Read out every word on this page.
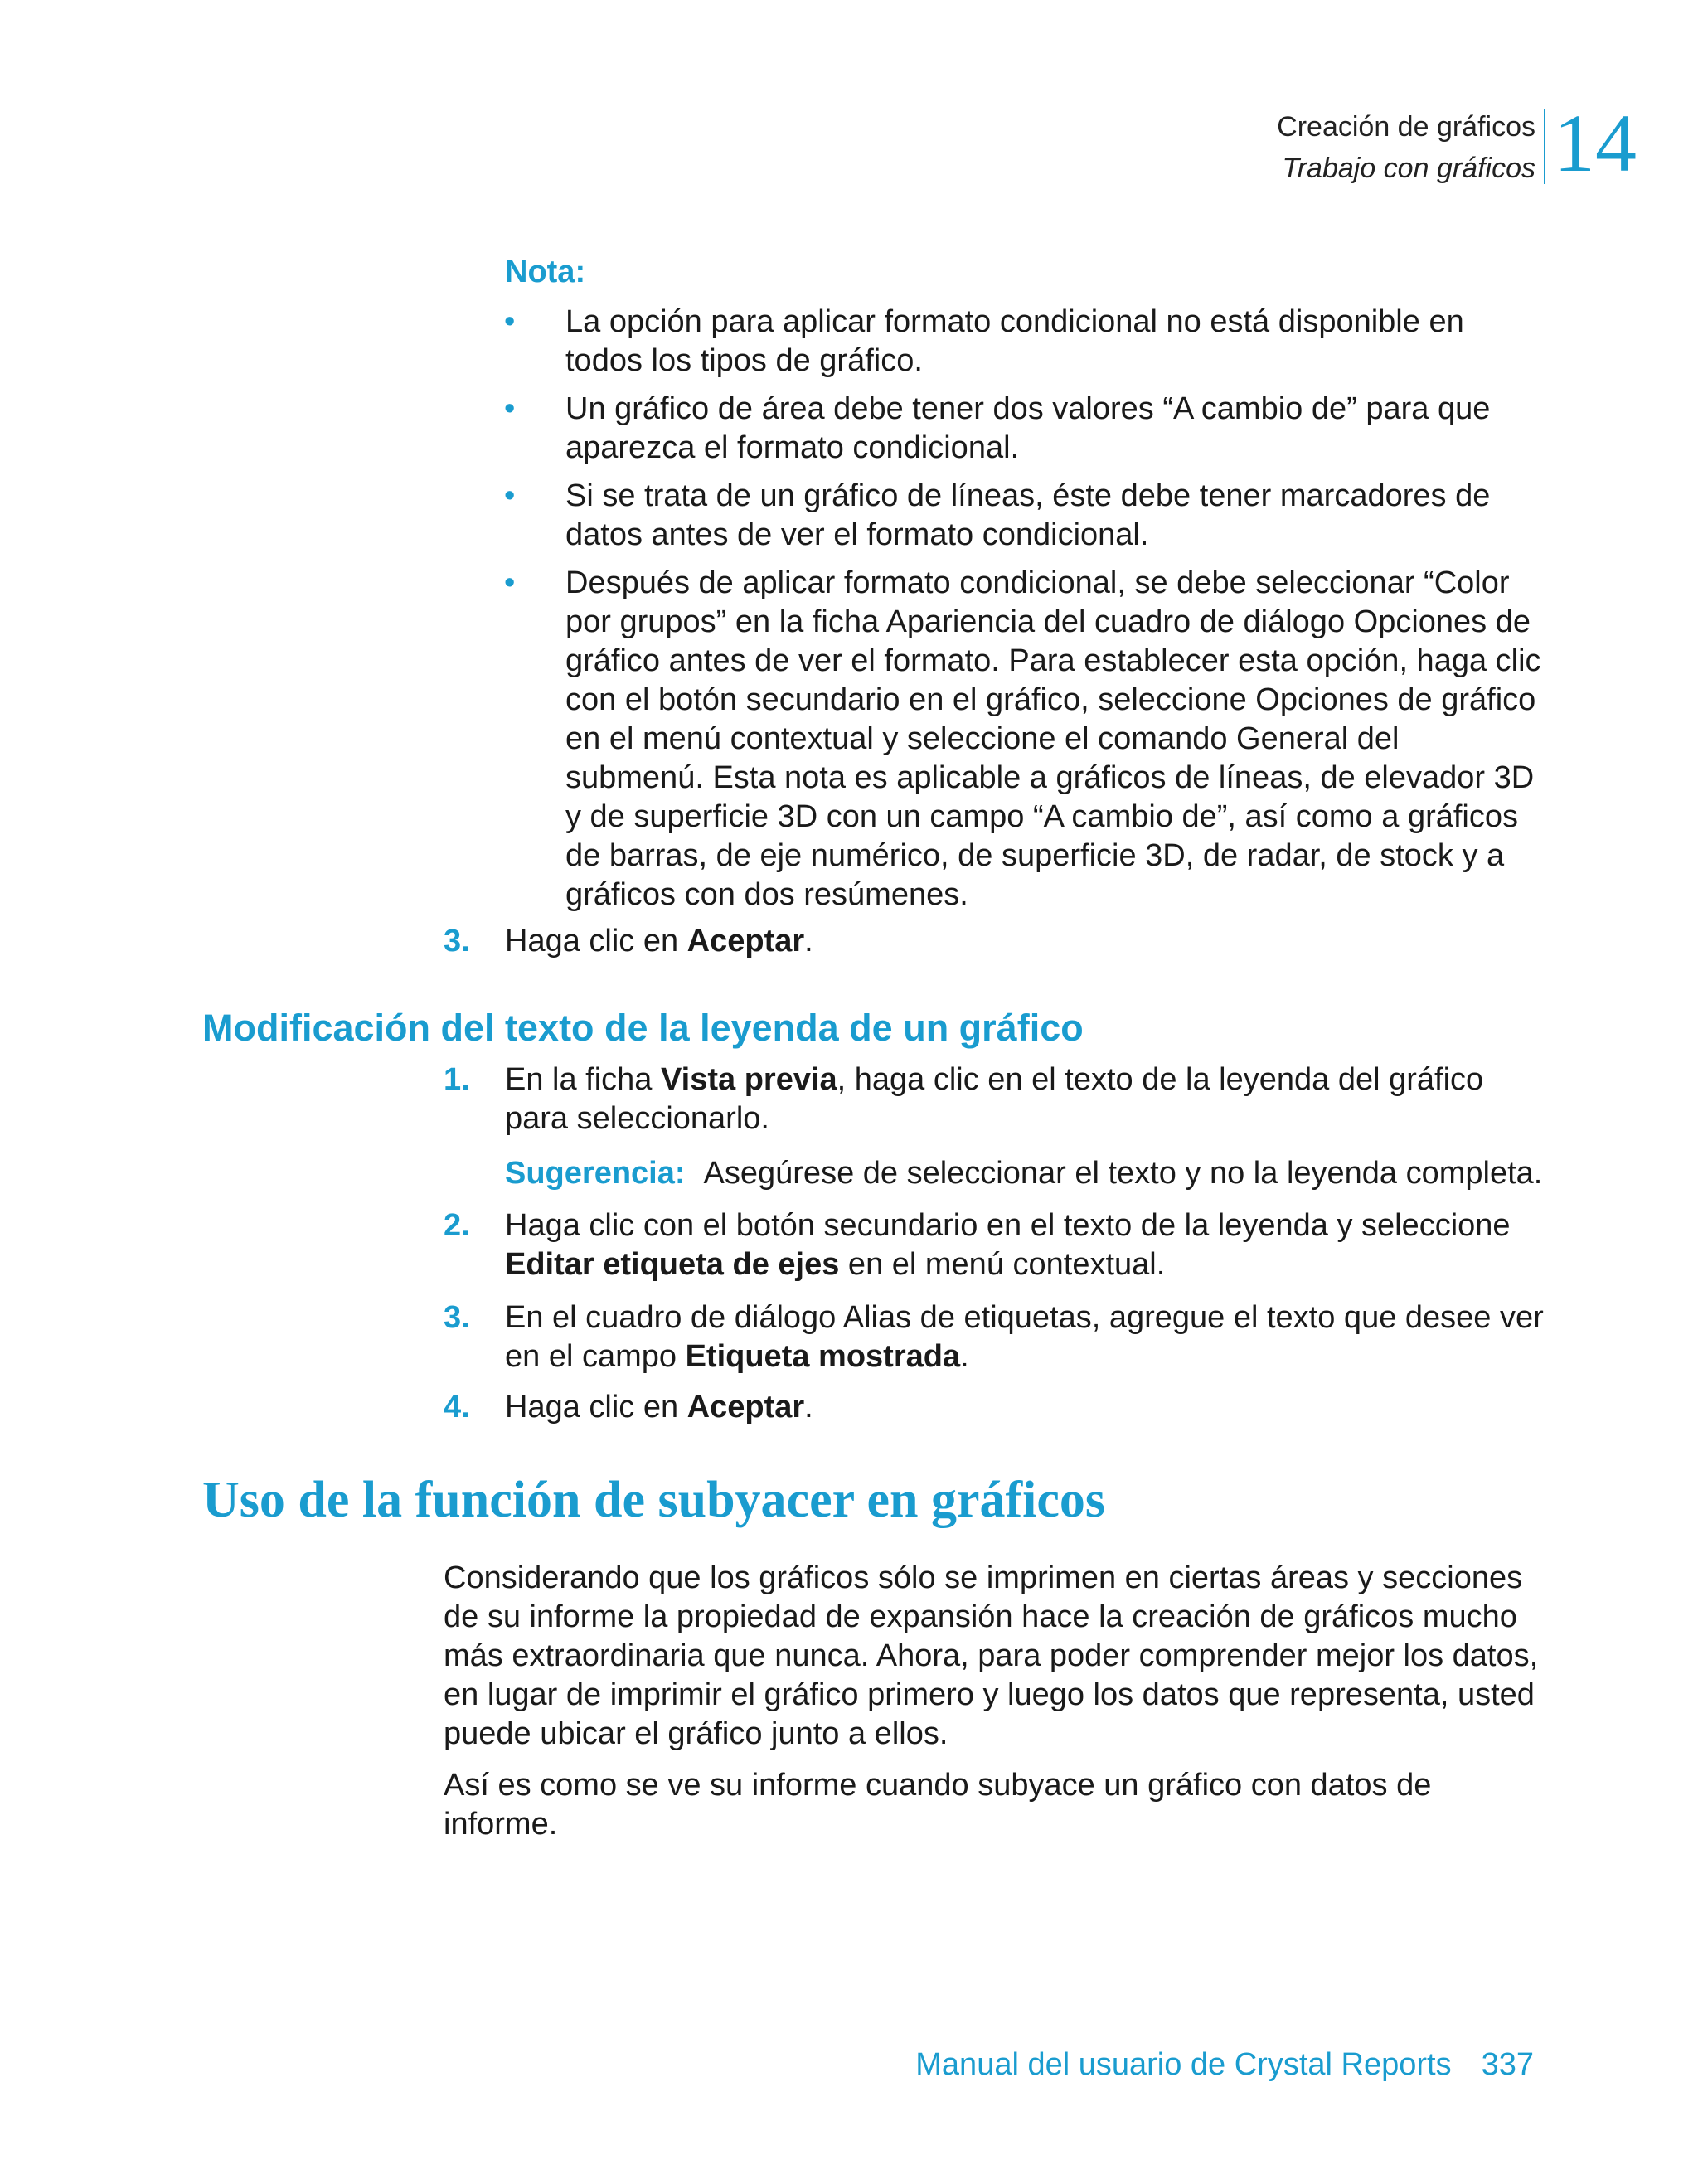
Creación de gráficos
Trabajo con gráficos 14
Nota:
•	La opción para aplicar formato condicional no está disponible en todos los tipos de gráfico.
•	Un gráfico de área debe tener dos valores “A cambio de” para que aparezca el formato condicional.
•	Si se trata de un gráfico de líneas, éste debe tener marcadores de datos antes de ver el formato condicional.
•	Después de aplicar formato condicional, se debe seleccionar “Color por grupos” en la ficha Apariencia del cuadro de diálogo Opciones de gráfico antes de ver el formato. Para establecer esta opción, haga clic con el botón secundario en el gráfico, seleccione Opciones de gráfico en el menú contextual y seleccione el comando General del submenú. Esta nota es aplicable a gráficos de líneas, de elevador 3D y de superficie 3D con un campo “A cambio de”, así como a gráficos de barras, de eje numérico, de superficie 3D, de radar, de stock y a gráficos con dos resúmenes.
3. Haga clic en Aceptar.
Modificación del texto de la leyenda de un gráfico
1. En la ficha Vista previa, haga clic en el texto de la leyenda del gráfico para seleccionarlo.
Sugerencia: Asegúrese de seleccionar el texto y no la leyenda completa.
2. Haga clic con el botón secundario en el texto de la leyenda y seleccione Editar etiqueta de ejes en el menú contextual.
3. En el cuadro de diálogo Alias de etiquetas, agregue el texto que desee ver en el campo Etiqueta mostrada.
4. Haga clic en Aceptar.
Uso de la función de subyacer en gráficos
Considerando que los gráficos sólo se imprimen en ciertas áreas y secciones de su informe la propiedad de expansión hace la creación de gráficos mucho más extraordinaria que nunca. Ahora, para poder comprender mejor los datos, en lugar de imprimir el gráfico primero y luego los datos que representa, usted puede ubicar el gráfico junto a ellos.
Así es como se ve su informe cuando subyace un gráfico con datos de informe.
Manual del usuario de Crystal Reports 337
